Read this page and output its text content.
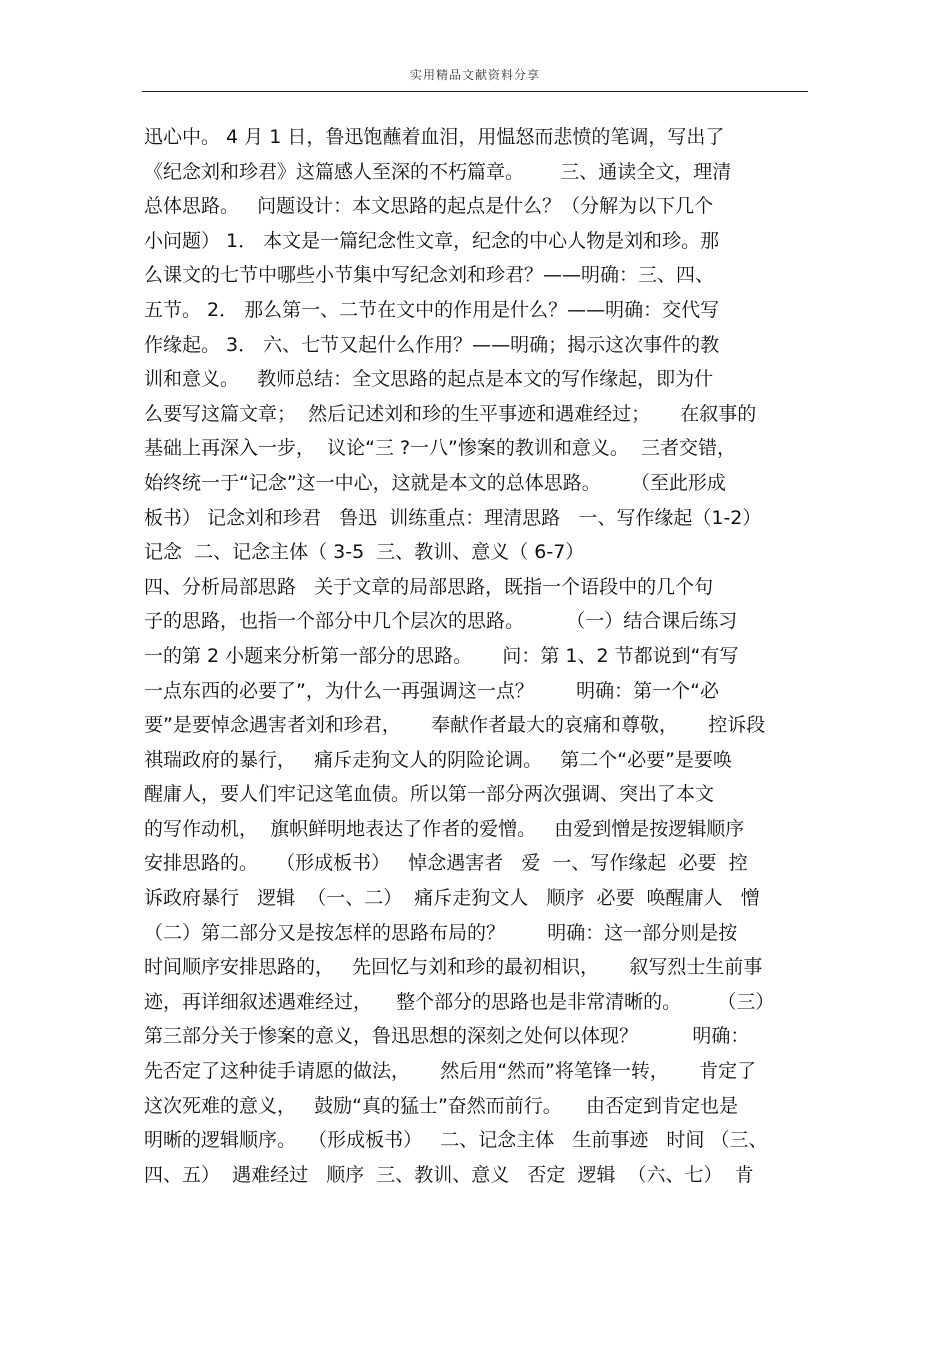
实用精品文献资料分享
迅心中。 4 月 1 日，鲁迅饱蘸着血泪，用愠怒而悲愤的笔调，写出了
《纪念刘和珍君》这篇感人至深的不朽篇章。      三、通读全文，理清
总体思路。   问题设计：本文思路的起点是什么？（分解为以下几个
小问题） 1． 本文是一篇纪念性文章，纪念的中心人物是刘和珍。那
么课文的七节中哪些小节集中写纪念刘和珍君？——明确：三、四、
五节。 2． 那么第一、二节在文中的作用是什么？——明确：交代写
作缘起。 3． 六、七节又起什么作用？——明确；揭示这次事件的教
训和意义。   教师总结：全文思路的起点是本文的写作缘起，即为什
么要写这篇文章；  然后记述刘和珍的生平事迹和遇难经过；     在叙事的
基础上再深入一步，  议论“三 ?一八”惨案的教训和意义。  三者交错，
始终统一于“记念”这一中心，这就是本文的总体思路。     （至此形成
板书） 记念刘和珍君   鲁迅  训练重点：理清思路   一、写作缘起（1-2）
记念  二、记念主体（ 3-5  三、教训、意义（ 6-7）
四、分析局部思路   关于文章的局部思路，既指一个语段中的几个句
子的思路，也指一个部分中几个层次的思路。       （一）结合课后练习
一的第 2 小题来分析第一部分的思路。     问：第 1、2 节都说到“有写
一点东西的必要了”，为什么一再强调这一点？       明确：第一个“必
要”是要悼念遇害者刘和珍君，     奉献作者最大的哀痛和尊敬，     控诉段
祺瑞政府的暴行，   痛斥走狗文人的阴险论调。   第二个“必要”是要唤
醒庸人，要人们牢记这笔血债。所以第一部分两次强调、突出了本文
的写作动机，  旗帜鲜明地表达了作者的爱憎。   由爱到憎是按逻辑顺序
安排思路的。   （形成板书）   悼念遇害者   爱  一、写作缘起  必要  控
诉政府暴行   逻辑  （一、二）  痛斥走狗文人   顺序  必要  唤醒庸人   憎
（二）第二部分又是按怎样的思路布局的？       明确：这一部分则是按
时间顺序安排思路的，   先回忆与刘和珍的最初相识，     叙写烈士生前事
迹，再详细叙述遇难经过，    整个部分的思路也是非常清晰的。      （三）
第三部分关于惨案的意义，鲁迅思想的深刻之处何以体现？         明确：
先否定了这种徒手请愿的做法，     然后用“然而”将笔锋一转，     肯定了
这次死难的意义，   鼓励“真的猛士”奋然而前行。    由否定到肯定也是
明晰的逻辑顺序。  （形成板书）   二、记念主体   生前事迹   时间 （三、
四、五）  遇难经过   顺序  三、教训、意义   否定  逻辑  （六、七）  肯
